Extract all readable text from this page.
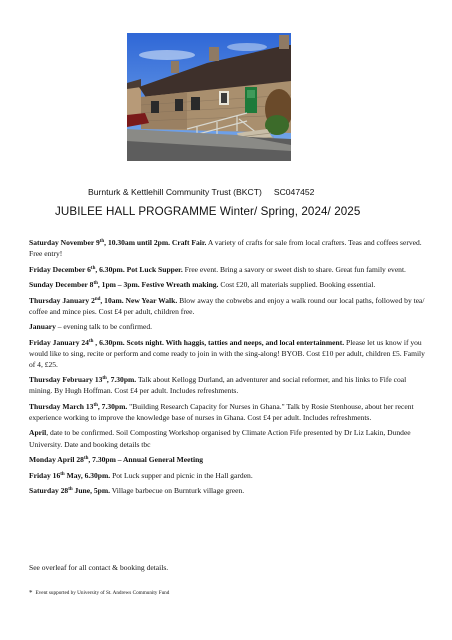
Burnturk & Kettlehill Community Trust (BKCT) SC047452
JUBILEE HALL PROGRAMME Winter/ Spring, 2024/ 2025
Saturday November 9th, 10.30am until 2pm. Craft Fair. A variety of crafts for sale from local crafters. Teas and coffees served. Free entry!
Friday December 6th, 6.30pm. Pot Luck Supper. Free event. Bring a savory or sweet dish to share. Great fun family event.
Sunday December 8th, 1pm – 3pm. Festive Wreath making. Cost £20, all materials supplied. Booking essential.
Thursday January 2nd, 10am. New Year Walk. Blow away the cobwebs and enjoy a walk round our local paths, followed by tea/ coffee and mince pies. Cost £4 per adult, children free.
January – evening talk to be confirmed.
Friday January 24th , 6.30pm. Scots night. With haggis, tatties and neeps, and local entertainment. Please let us know if you would like to sing, recite or perform and come ready to join in with the sing-along! BYOB. Cost £10 per adult, children £5. Family of 4, £25.
Thursday February 13th, 7.30pm. Talk about Kellogg Durland, an adventurer and social reformer, and his links to Fife coal mining. By Hugh Hoffman. Cost £4 per adult. Includes refreshments.
Thursday March 13th, 7.30pm. "Building Research Capacity for Nurses in Ghana." Talk by Rosie Stenhouse, about her recent experience working to improve the knowledge base of nurses in Ghana. Cost £4 per adult. Includes refreshments.
April, date to be confirmed. Soil Composting Workshop organised by Climate Action Fife presented by Dr Liz Lakin, Dundee University. Date and booking details tbc
Monday April 28th, 7.30pm – Annual General Meeting
Friday 16th May, 6.30pm. Pot Luck supper and picnic in the Hall garden.
Saturday 28th June, 5pm. Village barbecue on Burnturk village green.
See overleaf for all contact & booking details.
* Event supported by University of St. Andrews Community Fund
